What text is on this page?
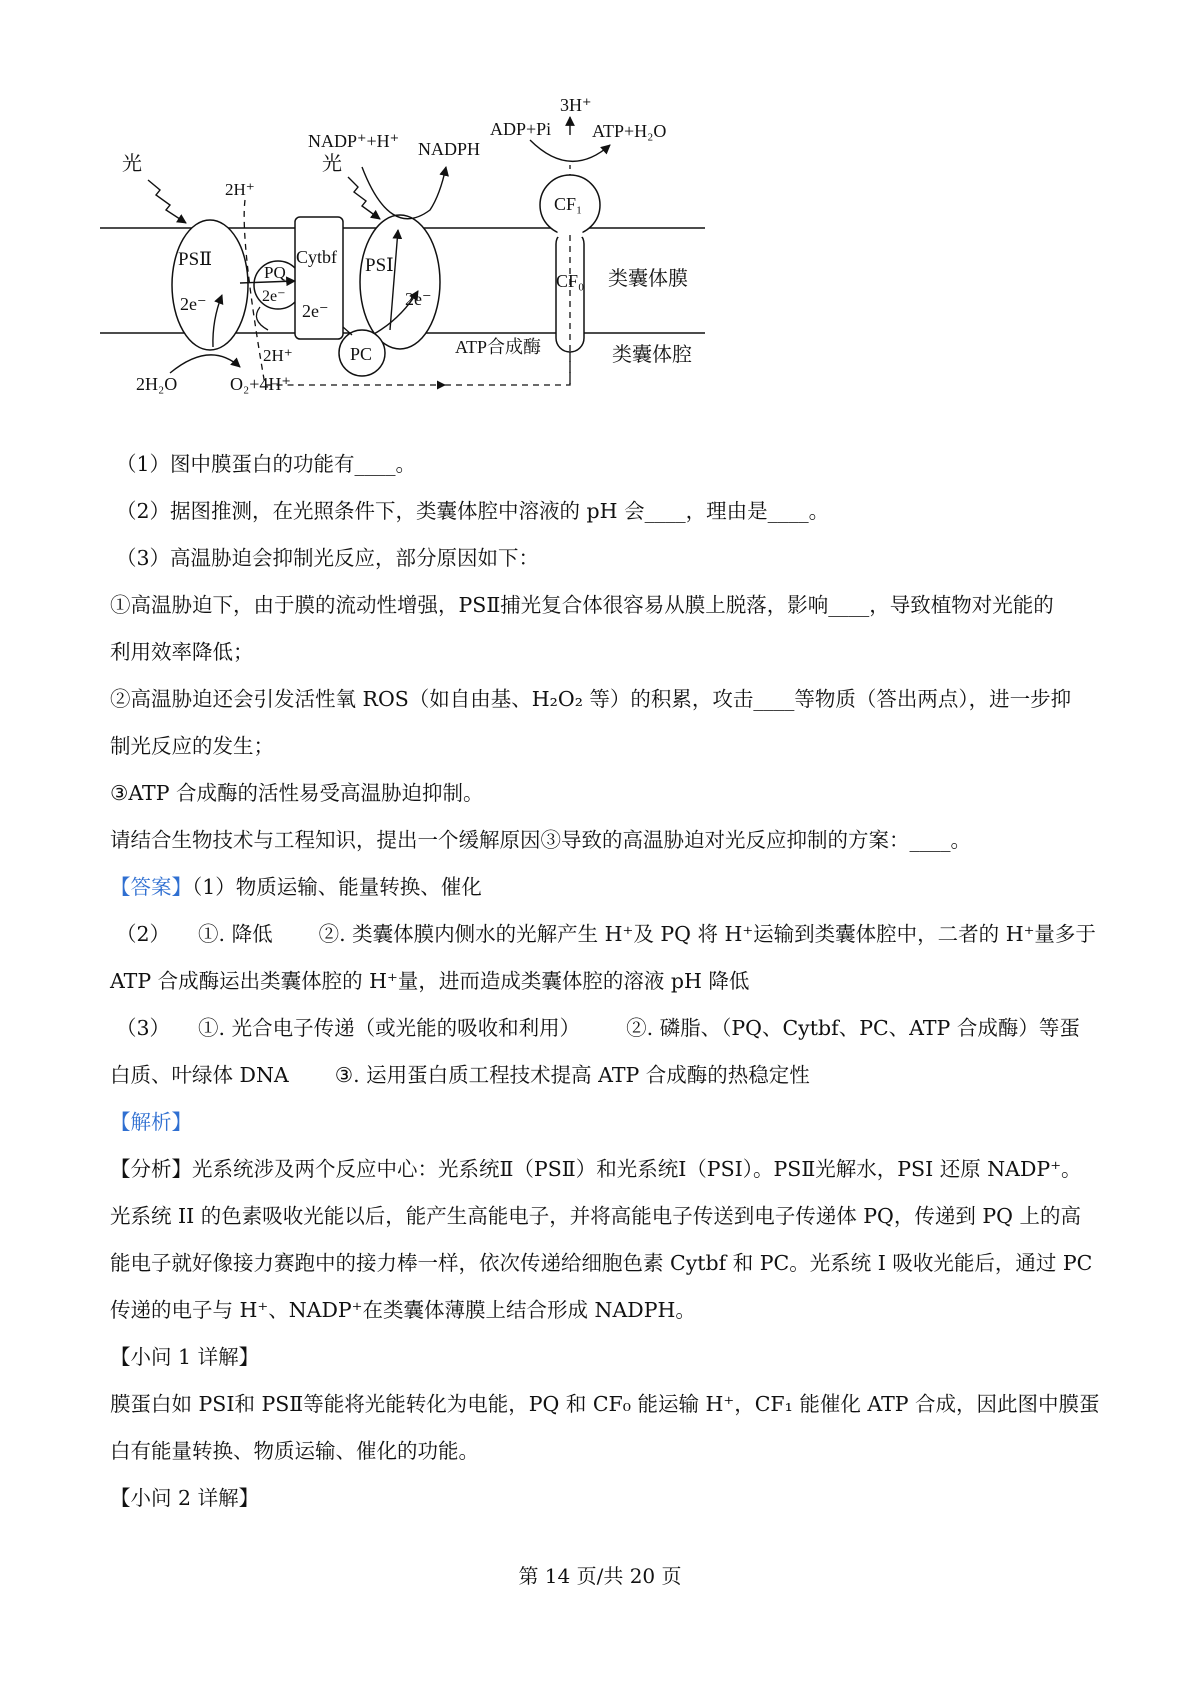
PSⅡ
2e⁻
PQ
2e⁻
Cytbf
2e⁻
PSⅠ
2e⁻
PC
光	光
2H⁺
2H⁺
2H₂O	O₂+4H⁺
NADP⁺+H⁺ NADPH
CF₁
CF₀
ATP合成酶
3H⁺
ADP+Pi ATP+H₂O
类囊体膜
类囊体腔
（1）图中膜蛋白的功能有____。
（2）据图推测，在光照条件下，类囊体腔中溶液的 pH 会____，理由是____。
（3）高温胁迫会抑制光反应，部分原因如下：
①高温胁迫下，由于膜的流动性增强，PSⅡ捕光复合体很容易从膜上脱落，影响____，导致植物对光能的
利用效率降低；
②高温胁迫还会引发活性氧 ROS（如自由基、H₂O₂ 等）的积累，攻击____等物质（答出两点），进一步抑
制光反应的发生；
③ATP 合成酶的活性易受高温胁迫抑制。
请结合生物技术与工程知识，提出一个缓解原因③导致的高温胁迫对光反应抑制的方案：____。
【答案】（1）物质运输、能量转换、催化
（2） ①. 降低 ②. 类囊体膜内侧水的光解产生 H⁺及 PQ 将 H⁺运输到类囊体腔中，二者的 H⁺量多于
ATP 合成酶运出类囊体腔的 H⁺量，进而造成类囊体腔的溶液 pH 降低
（3） ①. 光合电子传递（或光能的吸收和利用） ②. 磷脂、（PQ、Cytbf、PC、ATP 合成酶）等蛋
白质、叶绿体 DNA ③. 运用蛋白质工程技术提高 ATP 合成酶的热稳定性
【解析】
【分析】光系统涉及两个反应中心：光系统Ⅱ（PSⅡ）和光系统Ⅰ（PSⅠ）。PSⅡ光解水，PSI 还原 NADP⁺。
光系统 II 的色素吸收光能以后，能产生高能电子，并将高能电子传送到电子传递体 PQ，传递到 PQ 上的高
能电子就好像接力赛跑中的接力棒一样，依次传递给细胞色素 Cytbf 和 PC。光系统 I 吸收光能后，通过 PC
传递的电子与 H⁺、NADP⁺在类囊体薄膜上结合形成 NADPH。
【小问 1 详解】
膜蛋白如 PSⅠ和 PSⅡ等能将光能转化为电能，PQ 和 CF₀ 能运输 H⁺，CF₁ 能催化 ATP 合成，因此图中膜蛋
白有能量转换、物质运输、催化的功能。
【小问 2 详解】
第 14 页/共 20 页
